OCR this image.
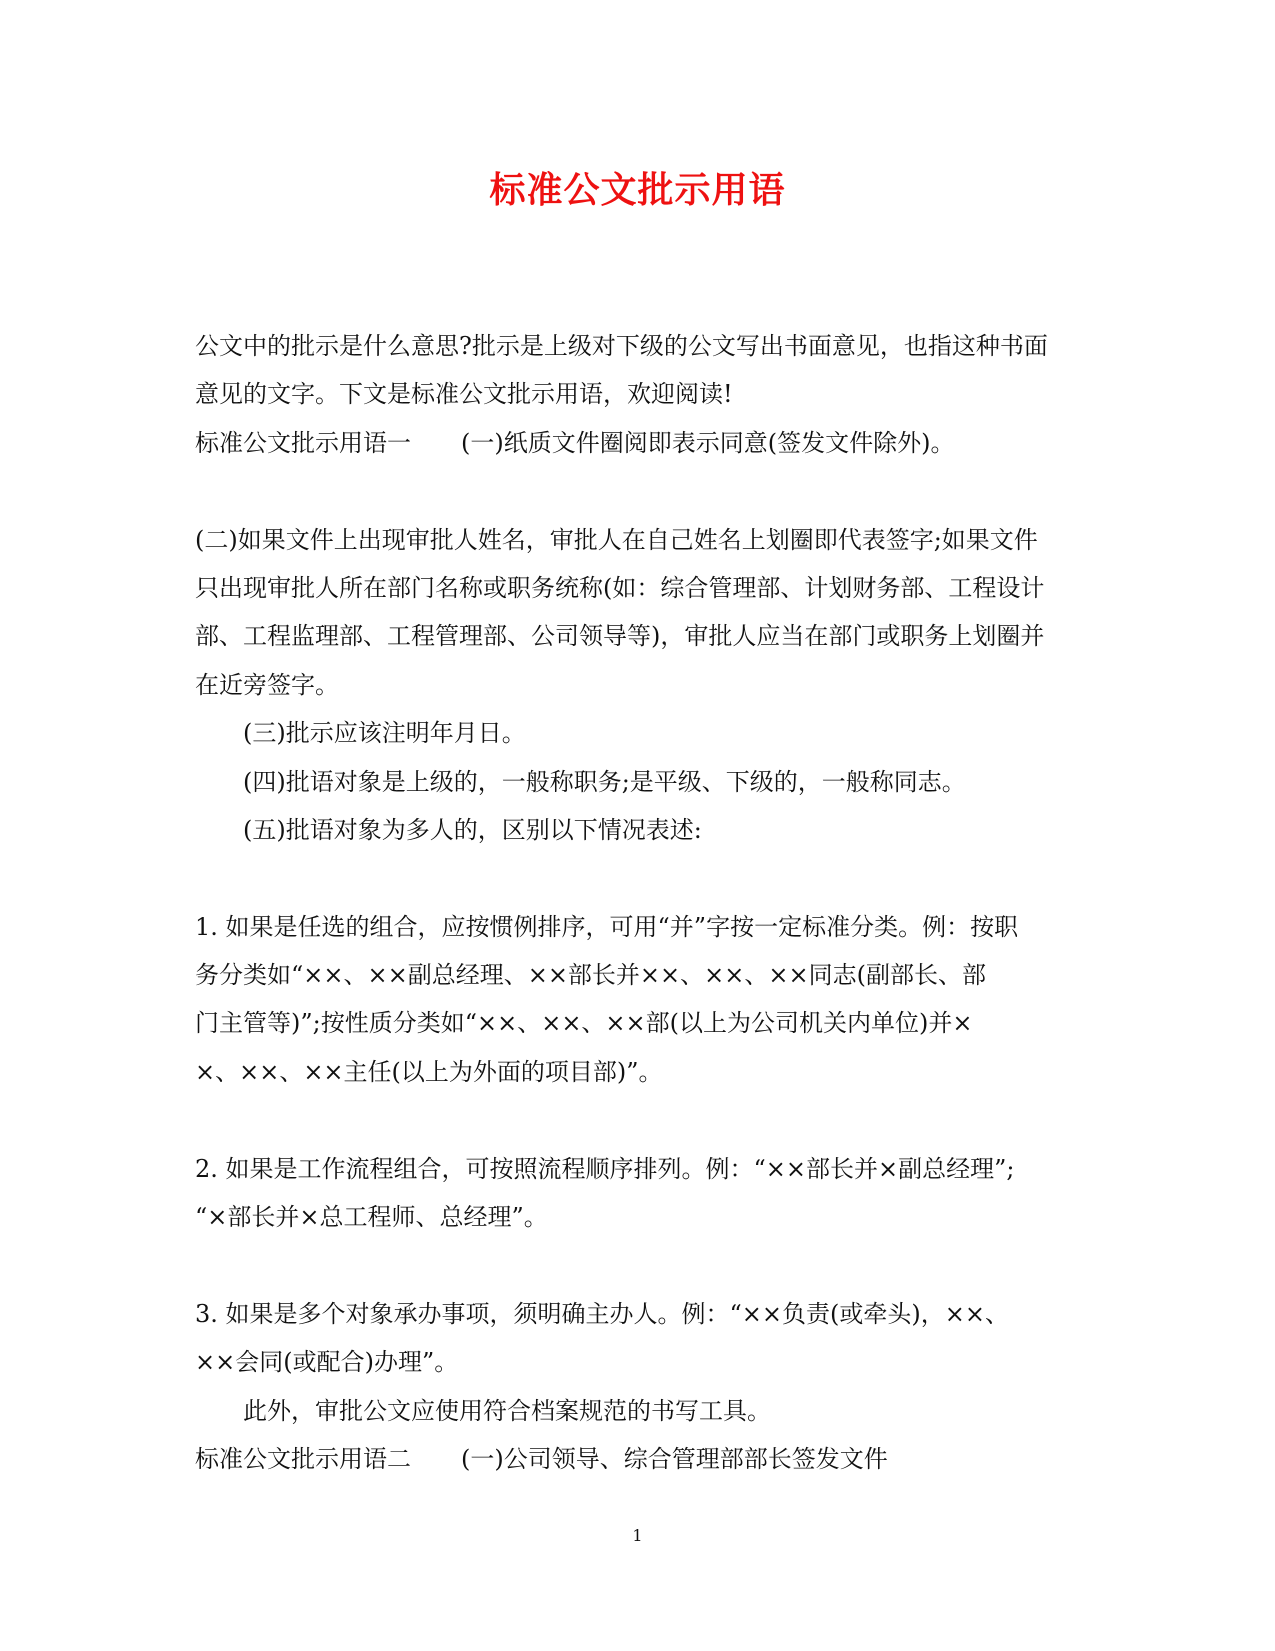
标准公文批示用语
公文中的批示是什么意思?批示是上级对下级的公文写出书面意见，也指这种书面
意见的文字。下文是标准公文批示用语，欢迎阅读!
标准公文批示用语一 (一)纸质文件圈阅即表示同意(签发文件除外)。
(二)如果文件上出现审批人姓名，审批人在自己姓名上划圈即代表签字;如果文件
只出现审批人所在部门名称或职务统称(如：综合管理部、计划财务部、工程设计
部、工程监理部、工程管理部、公司领导等)，审批人应当在部门或职务上划圈并
在近旁签字。
(三)批示应该注明年月日。
(四)批语对象是上级的，一般称职务;是平级、下级的，一般称同志。
(五)批语对象为多人的，区别以下情况表述:
1. 如果是任选的组合，应按惯例排序，可用“并”字按一定标准分类。例：按职
务分类如“××、××副总经理、××部长并××、××、××同志(副部长、部
门主管等)”;按性质分类如“××、××、××部(以上为公司机关内单位)并×
×、××、××主任(以上为外面的项目部)”。
2. 如果是工作流程组合，可按照流程顺序排列。例：“××部长并×副总经理”;
“×部长并×总工程师、总经理”。
3. 如果是多个对象承办事项，须明确主办人。例：“××负责(或牵头)，××、
××会同(或配合)办理”。
此外，审批公文应使用符合档案规范的书写工具。
标准公文批示用语二 (一)公司领导、综合管理部部长签发文件
1
